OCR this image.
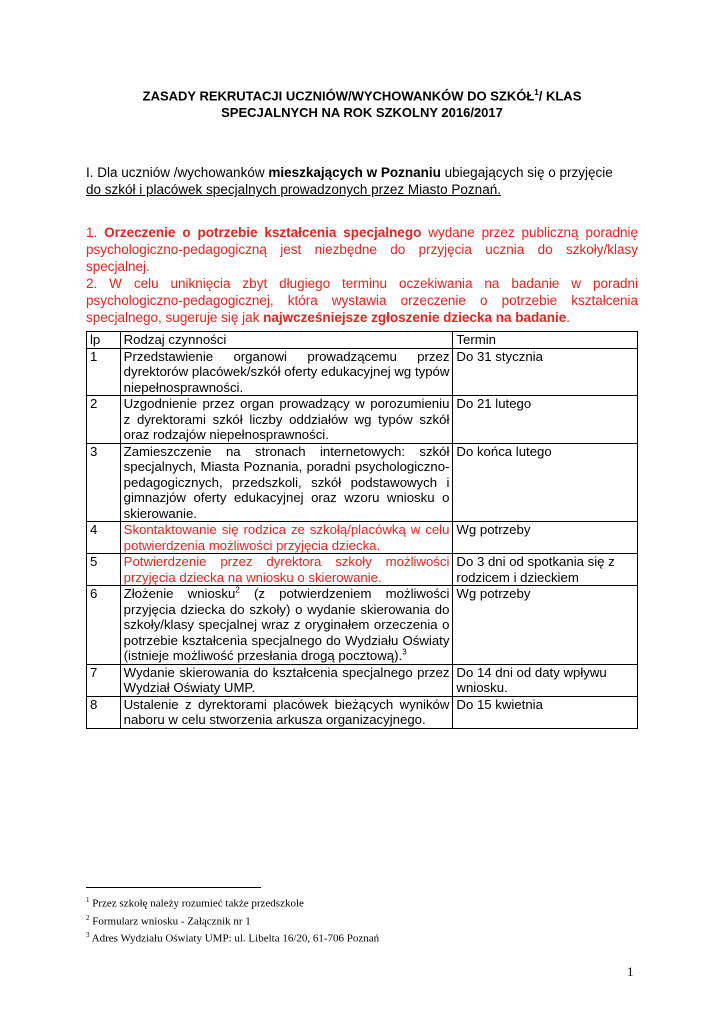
ZASADY REKRUTACJI UCZNIÓW/WYCHOWANKÓW DO SZKÓŁ$^1$/ KLAS
SPECJALNYCH NA ROK SZKOLNY 2016/2017
I. Dla uczniów /wychowanków mieszkających w Poznaniu ubiegających się o przyjęcie
do szkół i placówek specjalnych prowadzonych przez Miasto Poznań.

1. Orzeczenie o potrzebie kształcenia specjalnego wydane przez publiczną poradnię psychologiczno-pedagogiczną jest niezbędne do przyjęcia ucznia do szkoły/klasy specjalnej.

2. W celu uniknięcia zbyt długiego terminu oczekiwania na badanie w poradni psychologiczno-pedagogicznej, która wystawia orzeczenie o potrzebie kształcenia specjalnego, sugeruje się jak najwcześniejsze zgłoszenie dziecka na badanie.

lp	Rodzaj czynności	Termin
1	Przedstawienie organowi prowadzącemu przez dyrektorów placówek/szkół oferty edukacyjnej wg typów niepełnosprawności.	Do 31 stycznia
2	Uzgodnienie przez organ prowadzący w porozumieniu z dyrektorami szkół liczby oddziałów wg typów szkół oraz rodzajów niepełnosprawności.	Do 21 lutego
3	Zamieszczenie na stronach internetowych: szkół specjalnych, Miasta Poznania, poradni psychologiczno-pedagogicznych, przedszkoli, szkół podstawowych i gimnazjów oferty edukacyjnej oraz wzoru wniosku o skierowanie.	Do końca lutego
4	Skontaktowanie się rodzica ze szkołą/placówką w celu potwierdzenia możliwości przyjęcia dziecka.	Wg potrzeby
5	Potwierdzenie przez dyrektora szkoły możliwości przyjęcia dziecka na wniosku o skierowanie.	Do 3 dni od spotkania się z rodzicem i dzieckiem
6	Złożenie wniosku$^2$ (z potwierdzeniem możliwości przyjęcia dziecka do szkoły) o wydanie skierowania do szkoły/klasy specjalnej wraz z oryginałem orzeczenia o potrzebie kształcenia specjalnego do Wydziału Oświaty (istnieje możliwość przesłania drogą pocztową).$^3$	Wg potrzeby
7	Wydanie skierowania do kształcenia specjalnego przez Wydział Oświaty UMP.	Do 14 dni od daty wpływu wniosku.
8	Ustalenie z dyrektorami placówek bieżących wyników naboru w celu stworzenia arkusza organizacyjnego.	Do 15 kwietnia
$^1$ Przez szkołę należy rozumieć także przedszkole
$^2$ Formularz wniosku - Załącznik nr 1
$^3$ Adres Wydziału Oświaty UMP: ul. Libelta 16/20, 61-706 Poznań
1
